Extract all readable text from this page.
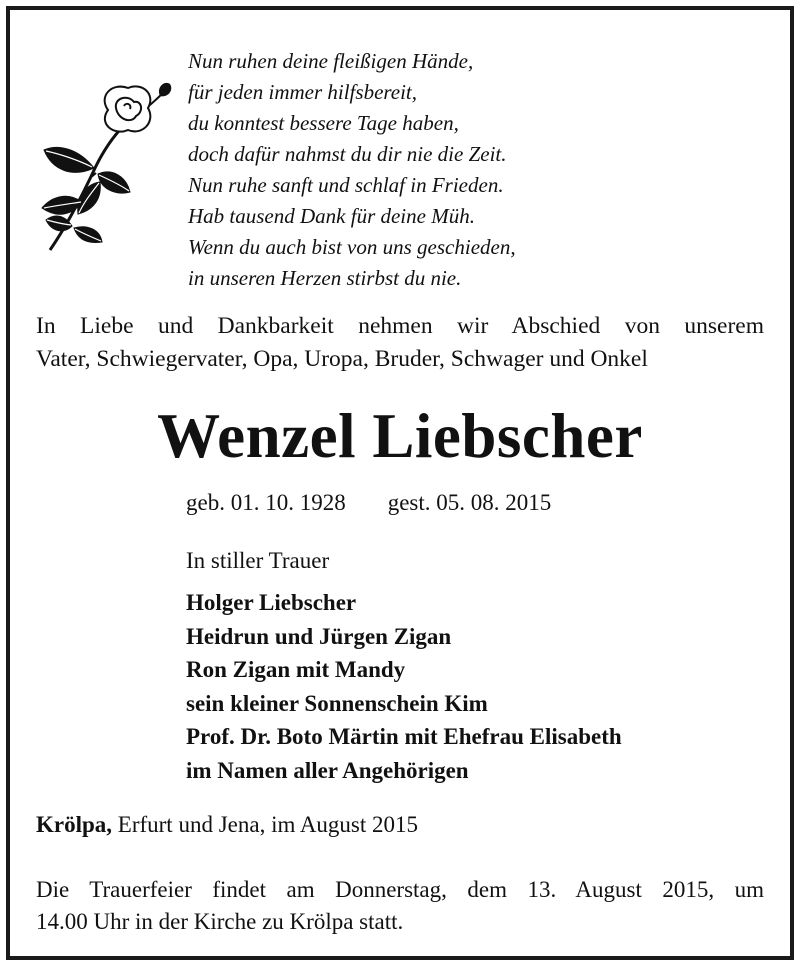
Nun ruhen deine fleißigen Hände,
für jeden immer hilfsbereit,
du konntest bessere Tage haben,
doch dafür nahmst du dir nie die Zeit.
Nun ruhe sanft und schlaf in Frieden.
Hab tausend Dank für deine Müh.
Wenn du auch bist von uns geschieden,
in unseren Herzen stirbst du nie.
In Liebe und Dankbarkeit nehmen wir Abschied von unserem
Vater, Schwiegervater, Opa, Uropa, Bruder, Schwager und Onkel
Wenzel Liebscher
geb. 01. 10. 1928 gest. 05. 08. 2015
In stiller Trauer
Holger Liebscher
Heidrun und Jürgen Zigan
Ron Zigan mit Mandy
sein kleiner Sonnenschein Kim
Prof. Dr. Boto Märtin mit Ehefrau Elisabeth
im Namen aller Angehörigen
Krölpa, Erfurt und Jena, im August 2015
Die Trauerfeier findet am Donnerstag, dem 13. August 2015, um
14.00 Uhr in der Kirche zu Krölpa statt.
